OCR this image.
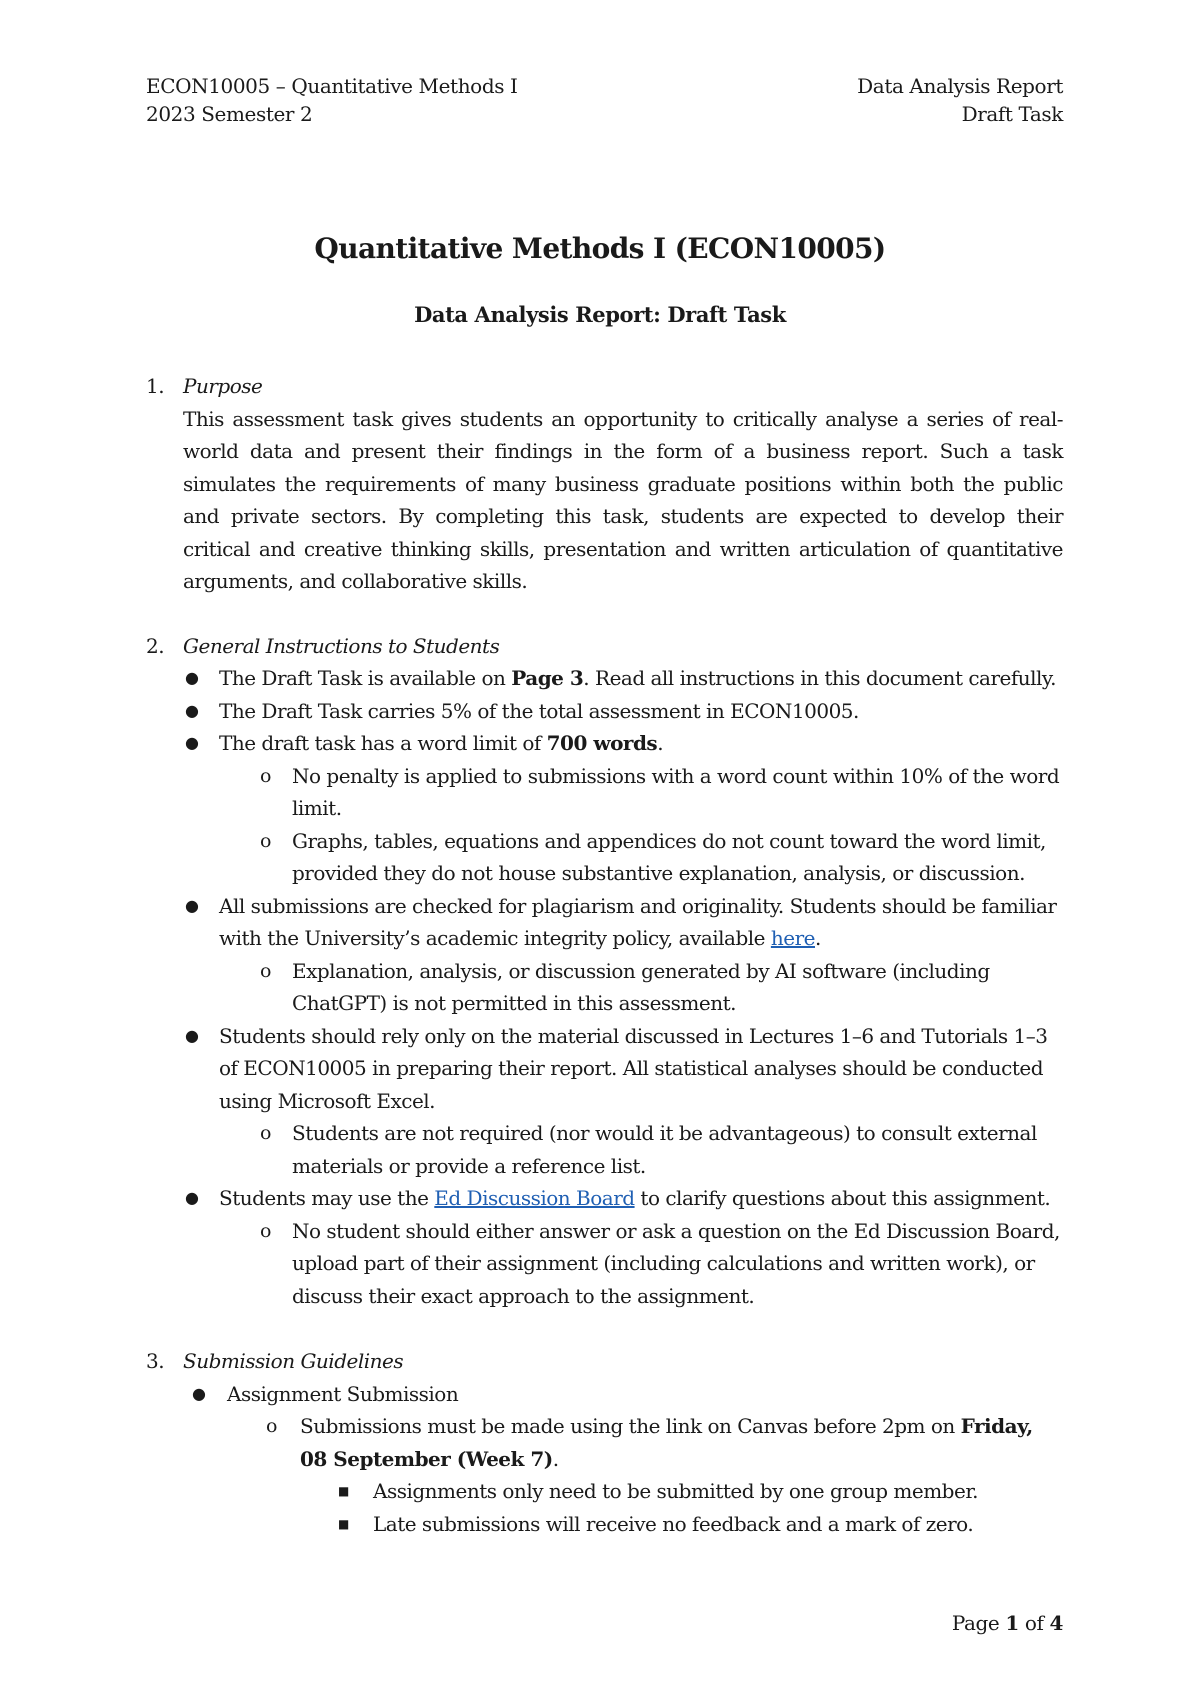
ECON10005 – Quantitative Methods I
2023 Semester 2
Data Analysis Report
Draft Task
Quantitative Methods I (ECON10005)
Data Analysis Report: Draft Task
1. Purpose
This assessment task gives students an opportunity to critically analyse a series of real-world data and present their findings in the form of a business report. Such a task simulates the requirements of many business graduate positions within both the public and private sectors. By completing this task, students are expected to develop their critical and creative thinking skills, presentation and written articulation of quantitative arguments, and collaborative skills.
2. General Instructions to Students
● The Draft Task is available on Page 3. Read all instructions in this document carefully.
● The Draft Task carries 5% of the total assessment in ECON10005.
● The draft task has a word limit of 700 words.
o No penalty is applied to submissions with a word count within 10% of the word limit.
o Graphs, tables, equations and appendices do not count toward the word limit, provided they do not house substantive explanation, analysis, or discussion.
● All submissions are checked for plagiarism and originality. Students should be familiar with the University’s academic integrity policy, available here.
o Explanation, analysis, or discussion generated by AI software (including ChatGPT) is not permitted in this assessment.
● Students should rely only on the material discussed in Lectures 1–6 and Tutorials 1–3 of ECON10005 in preparing their report. All statistical analyses should be conducted using Microsoft Excel.
o Students are not required (nor would it be advantageous) to consult external materials or provide a reference list.
● Students may use the Ed Discussion Board to clarify questions about this assignment.
o No student should either answer or ask a question on the Ed Discussion Board, upload part of their assignment (including calculations and written work), or discuss their exact approach to the assignment.
3. Submission Guidelines
● Assignment Submission
o Submissions must be made using the link on Canvas before 2pm on Friday, 08 September (Week 7).
■ Assignments only need to be submitted by one group member.
■ Late submissions will receive no feedback and a mark of zero.
Page 1 of 4
